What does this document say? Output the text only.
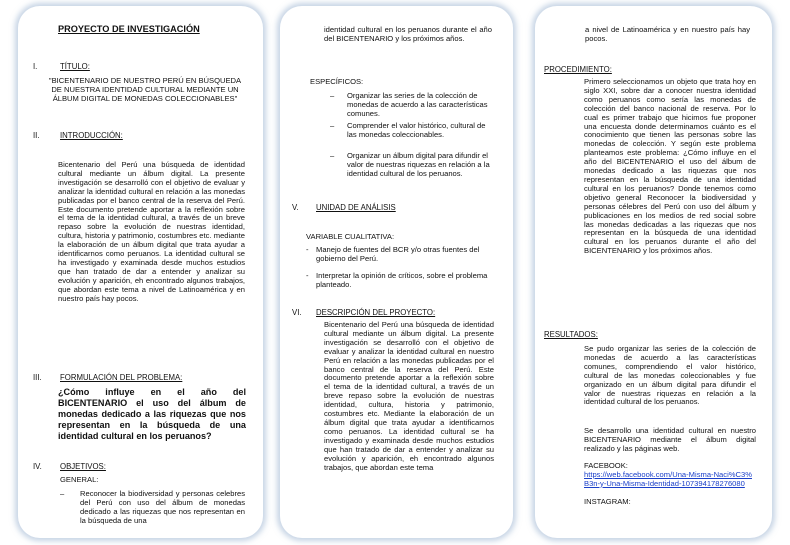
PROYECTO DE INVESTIGACIÓN
I.	TÍTULO:
"BICENTENARIO DE NUESTRO PERÚ EN BÚSQUEDA DE NUESTRA IDENTIDAD CULTURAL MEDIANTE UN ÁLBUM DIGITAL DE MONEDAS COLECCIONABLES"
II.	INTRODUCCIÓN:
Bicentenario del Perú una búsqueda de identidad cultural mediante un álbum digital. La presente investigación se desarrolló con el objetivo de evaluar y analizar la identidad cultural en relación a las monedas publicadas por el banco central de la reserva del Perú. Este documento pretende aportar a la reflexión sobre el tema de la identidad cultural, a través de un breve repaso sobre la evolución de nuestras identidad, cultura, historia y patrimonio, costumbres etc. mediante la elaboración de un álbum digital que trata ayudar a identificarnos como peruanos. La identidad cultural se ha investigado y examinada desde muchos estudios que han tratado de dar a entender y analizar su evolución y aparición, eh encontrado algunos trabajos, que abordan este tema a nivel de Latinoamérica y en nuestro país hay pocos.
III. FORMULACIÓN DEL PROBLEMA:
¿Cómo influye en el año del BICENTENARIO el uso del álbum de monedas dedicado a las riquezas que nos representan en la búsqueda de una identidad cultural en los peruanos?
IV. OBJETIVOS:
GENERAL:
– Reconocer la biodiversidad y personas celebres del Perú con uso del álbum de monedas dedicado a las riquezas que nos representan en la búsqueda de una
identidad cultural en los peruanos durante el año del BICENTENARIO y los próximos años.
ESPECÍFICOS:
– Organizar las series de la colección de monedas de acuerdo a las características comunes.
– Comprender el valor histórico, cultural de las monedas coleccionables.
– Organizar un álbum digital para difundir el valor de nuestras riquezas en relación a la identidad cultural de los peruanos.
V. UNIDAD DE ANÁLISIS
VARIABLE CUALITATIVA:
- Manejo de fuentes del BCR y/o otras fuentes del gobierno del Perú.
- Interpretar la opinión de críticos, sobre el problema planteado.
VI. DESCRIPCIÓN DEL PROYECTO:
Bicentenario del Perú una búsqueda de identidad cultural mediante un álbum digital. La presente investigación se desarrolló con el objetivo de evaluar y analizar la identidad cultural en nuestro Perú en relación a las monedas publicadas por el banco central de la reserva del Perú. Este documento pretende aportar a la reflexión sobre el tema de la identidad cultural, a través de un breve repaso sobre la evolución de nuestras identidad, cultura, historia y patrimonio, costumbres etc. Mediante la elaboración de un álbum digital que trata ayudar a identificarnos como peruanos. La identidad cultural se ha investigado y examinada desde muchos estudios que han tratado de dar a entender y analizar su evolución y aparición, eh encontrado algunos trabajos, que abordan este tema
a nivel de Latinoamérica y en nuestro país hay pocos.
PROCEDIMIENTO:
Primero seleccionamos un objeto que trata hoy en siglo XXI, sobre dar a conocer nuestra identidad como peruanos como sería las monedas de colección del banco nacional de reserva. Por lo cual es primer trabajo que hicimos fue proponer una encuesta donde determinamos cuánto es el conocimiento que tienen las personas sobre las monedas de colección. Y según este problema planteamos este problema: ¿Cómo influye en el año del BICENTENARIO el uso del álbum de monedas dedicado a las riquezas que nos representan en la búsqueda de una identidad cultural en los peruanos? Donde tenemos como objetivo general Reconocer la biodiversidad y personas célebres del Perú con uso del álbum y publicaciones en los medios de red social sobre las monedas dedicadas a las riquezas que nos representan en la búsqueda de una identidad cultural en los peruanos durante el año del BICENTENARIO y los próximos años.
RESULTADOS:
Se pudo organizar las series de la colección de monedas de acuerdo a las características comunes, comprendiendo el valor histórico, cultural de las monedas coleccionables y fue organizado en un álbum digital para difundir el valor de nuestras riquezas en relación a la identidad cultural de los peruanos.
Se desarrollo una identidad cultural en nuestro BICENTENARIO mediante el álbum digital realizado y las páginas web.
FACEBOOK:
https://web.facebook.com/Una-Misma-Naci%C3%B3n-y-Una-Misma-Identidad-107394178276080
INSTAGRAM:
